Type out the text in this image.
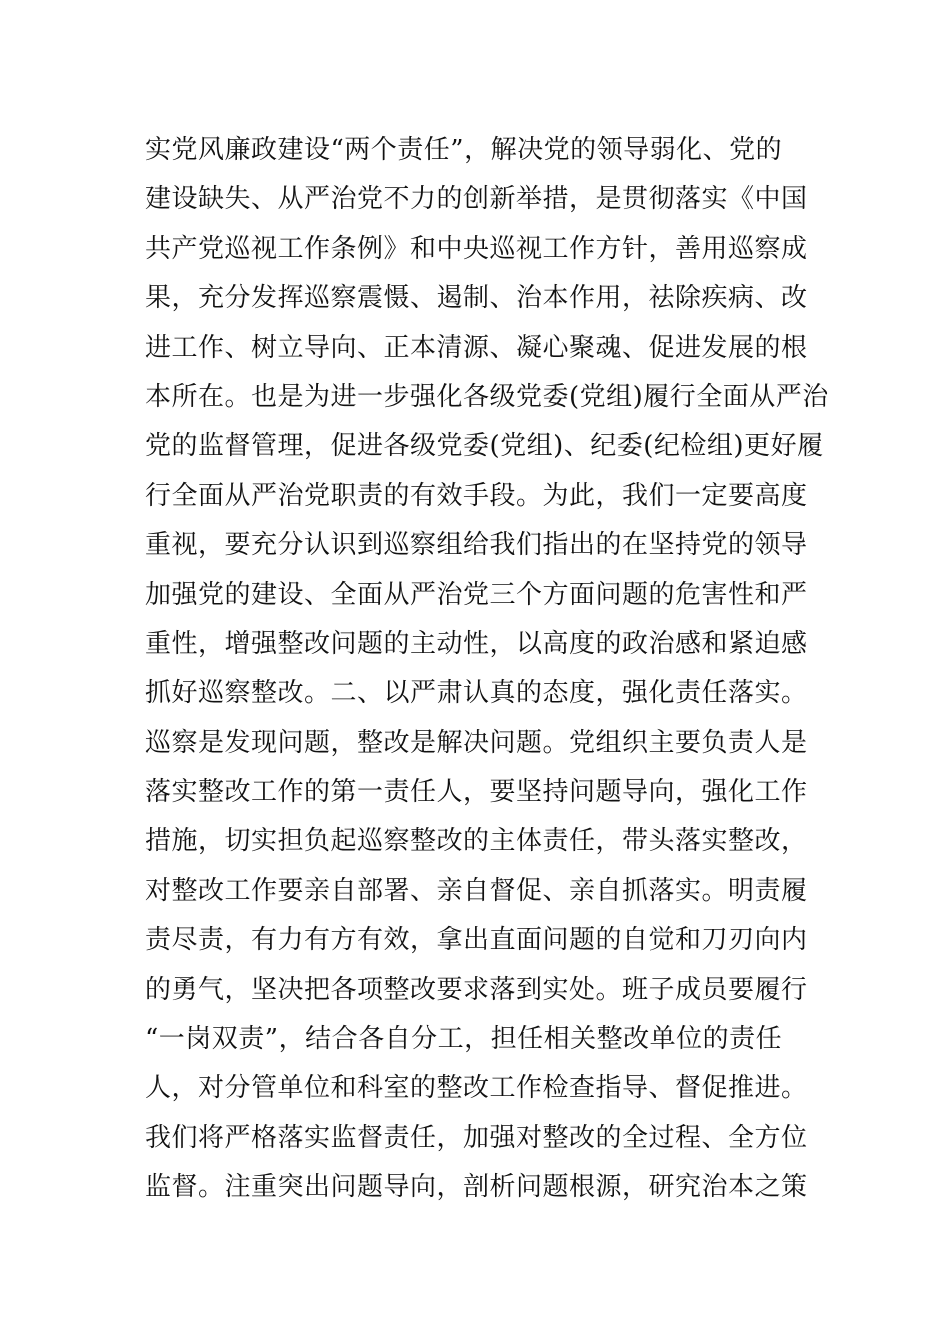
实党风廉政建设“两个责任”，解决党的领导弱化、党的
建设缺失、从严治党不力的创新举措，是贯彻落实《中国
共产党巡视工作条例》和中央巡视工作方针，善用巡察成
果，充分发挥巡察震慑、遏制、治本作用，祛除疾病、改
进工作、树立导向、正本清源、凝心聚魂、促进发展的根
本所在。也是为进一步强化各级党委(党组)履行全面从严治
党的监督管理，促进各级党委(党组)、纪委(纪检组)更好履
行全面从严治党职责的有效手段。为此，我们一定要高度
重视，要充分认识到巡察组给我们指出的在坚持党的领导
加强党的建设、全面从严治党三个方面问题的危害性和严
重性，增强整改问题的主动性，以高度的政治感和紧迫感
抓好巡察整改。二、以严肃认真的态度，强化责任落实。
巡察是发现问题，整改是解决问题。党组织主要负责人是
落实整改工作的第一责任人，要坚持问题导向，强化工作
措施，切实担负起巡察整改的主体责任，带头落实整改，
对整改工作要亲自部署、亲自督促、亲自抓落实。明责履
责尽责，有力有方有效，拿出直面问题的自觉和刀刃向内
的勇气，坚决把各项整改要求落到实处。班子成员要履行
“一岗双责”，结合各自分工，担任相关整改单位的责任
人，对分管单位和科室的整改工作检查指导、督促推进。
我们将严格落实监督责任，加强对整改的全过程、全方位
监督。注重突出问题导向，剖析问题根源，研究治本之策
